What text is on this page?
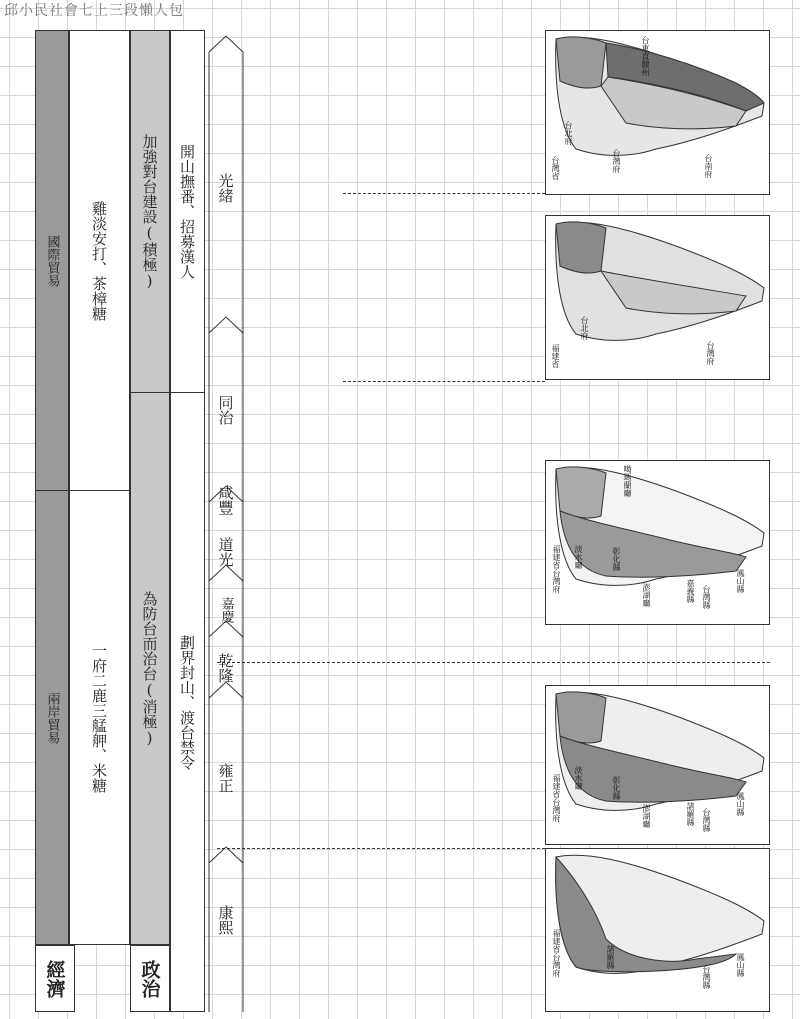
邱小民社會七上三段懶人包
經濟	政治
兩岸貿易
國際貿易
一府二鹿三艋舺、米糖
雞淡安打、茶樟糖
為防台而治台(消極)
加強對台建設(積極)
劃界封山、渡台禁令
開山撫番、招募漢人
康熙
雍正
乾隆
嘉慶
道光
咸豐
同治
光緒
台東直隸州
台北府
台灣省	台灣府	台南府
福建省
台北府
台灣府
噶瑪蘭廳
福建省台灣府 淡水廳	彰化縣
澎湖廳	嘉義縣 台灣縣
鳳山縣
福建省台灣府 淡水廳	彰化縣
澎湖廳	諸羅縣 台灣縣
鳳山縣
福建省台灣府	諸羅縣
台灣縣	鳳山縣
